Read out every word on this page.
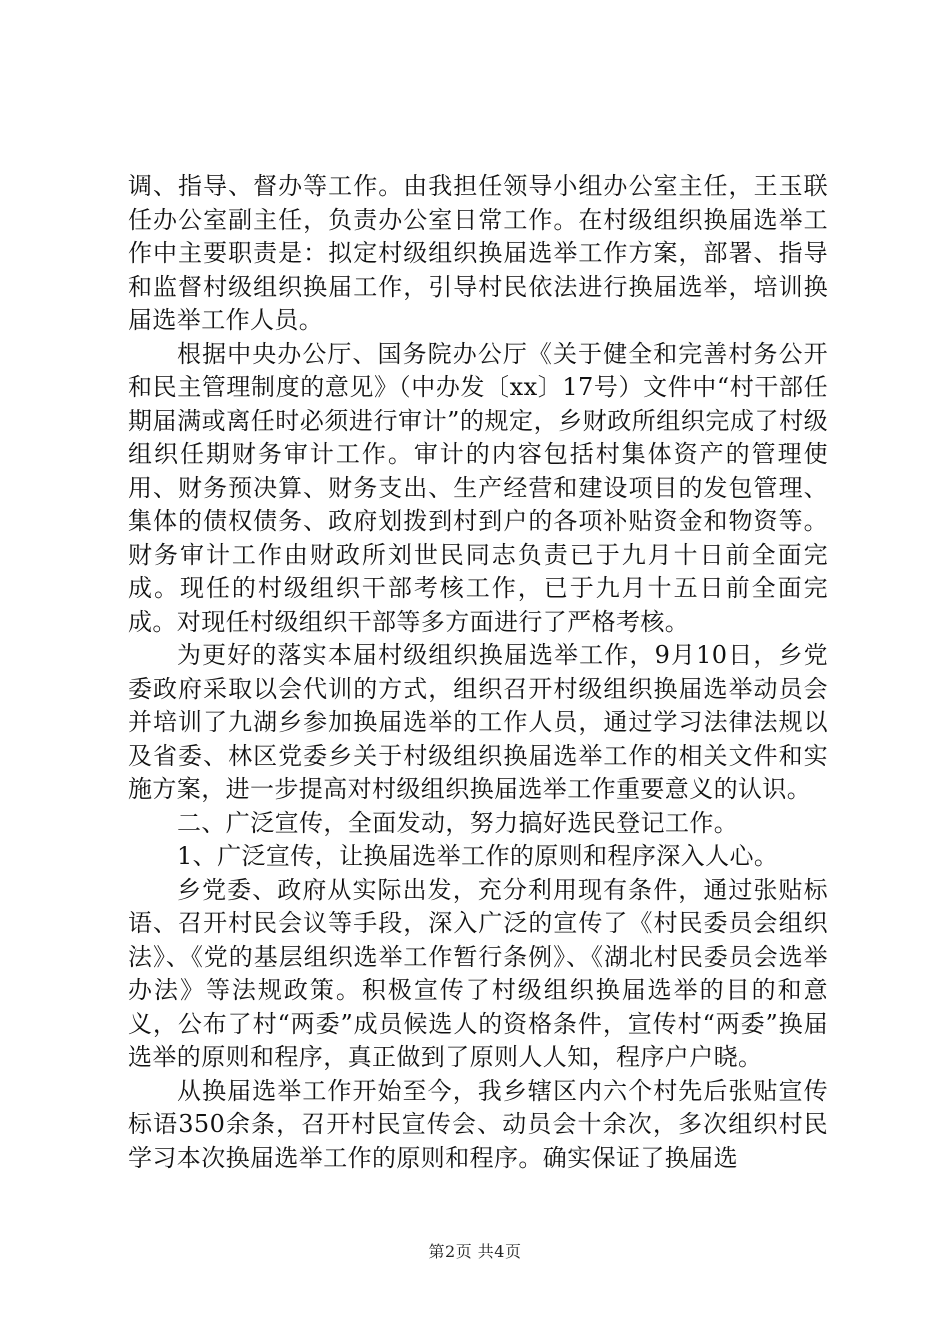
调、指导、督办等工作。由我担任领导小组办公室主任，王玉联任办公室副主任，负责办公室日常工作。在村级组织换届选举工作中主要职责是：拟定村级组织换届选举工作方案，部署、指导和监督村级组织换届工作，引导村民依法进行换届选举，培训换届选举工作人员。

根据中央办公厅、国务院办公厅《关于健全和完善村务公开和民主管理制度的意见》（中办发〔xx〕17号）文件中“村干部任期届满或离任时必须进行审计”的规定，乡财政所组织完成了村级组织任期财务审计工作。审计的内容包括村集体资产的管理使用、财务预决算、财务支出、生产经营和建设项目的发包管理、集体的债权债务、政府划拨到村到户的各项补贴资金和物资等。财务审计工作由财政所刘世民同志负责已于九月十日前全面完成。现任的村级组织干部考核工作，已于九月十五日前全面完成。对现任村级组织干部等多方面进行了严格考核。

为更好的落实本届村级组织换届选举工作，9月10日，乡党委政府采取以会代训的方式，组织召开村级组织换届选举动员会并培训了九湖乡参加换届选举的工作人员，通过学习法律法规以及省委、林区党委乡关于村级组织换届选举工作的相关文件和实施方案，进一步提高对村级组织换届选举工作重要意义的认识。

二、广泛宣传，全面发动，努力搞好选民登记工作。

1、广泛宣传，让换届选举工作的原则和程序深入人心。

乡党委、政府从实际出发，充分利用现有条件，通过张贴标语、召开村民会议等手段，深入广泛的宣传了《村民委员会组织法》、《党的基层组织选举工作暂行条例》、《湖北村民委员会选举办法》等法规政策。积极宣传了村级组织换届选举的目的和意义，公布了村“两委”成员候选人的资格条件，宣传村“两委”换届选举的原则和程序，真正做到了原则人人知，程序户户晓。

从换届选举工作开始至今，我乡辖区内六个村先后张贴宣传标语350余条，召开村民宣传会、动员会十余次，多次组织村民学习本次换届选举工作的原则和程序。确实保证了换届选

第2页 共4页
